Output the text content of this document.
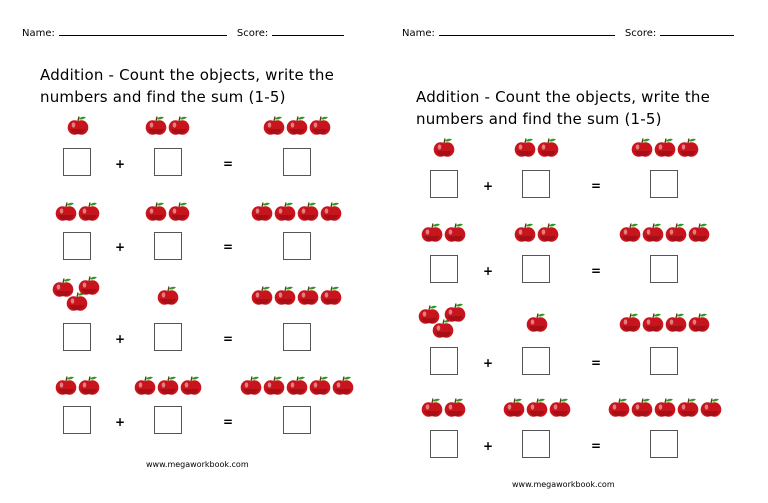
Name:	Score:
Addition - Count the objects, write the
numbers and find the sum (1-5)
+	=
+	=
+	=
+	=
www.megaworkbook.com
Name:	Score:
Addition - Count the objects, write the
numbers and find the sum (1-5)
+	=
+	=
+	=
+	=
www.megaworkbook.com
